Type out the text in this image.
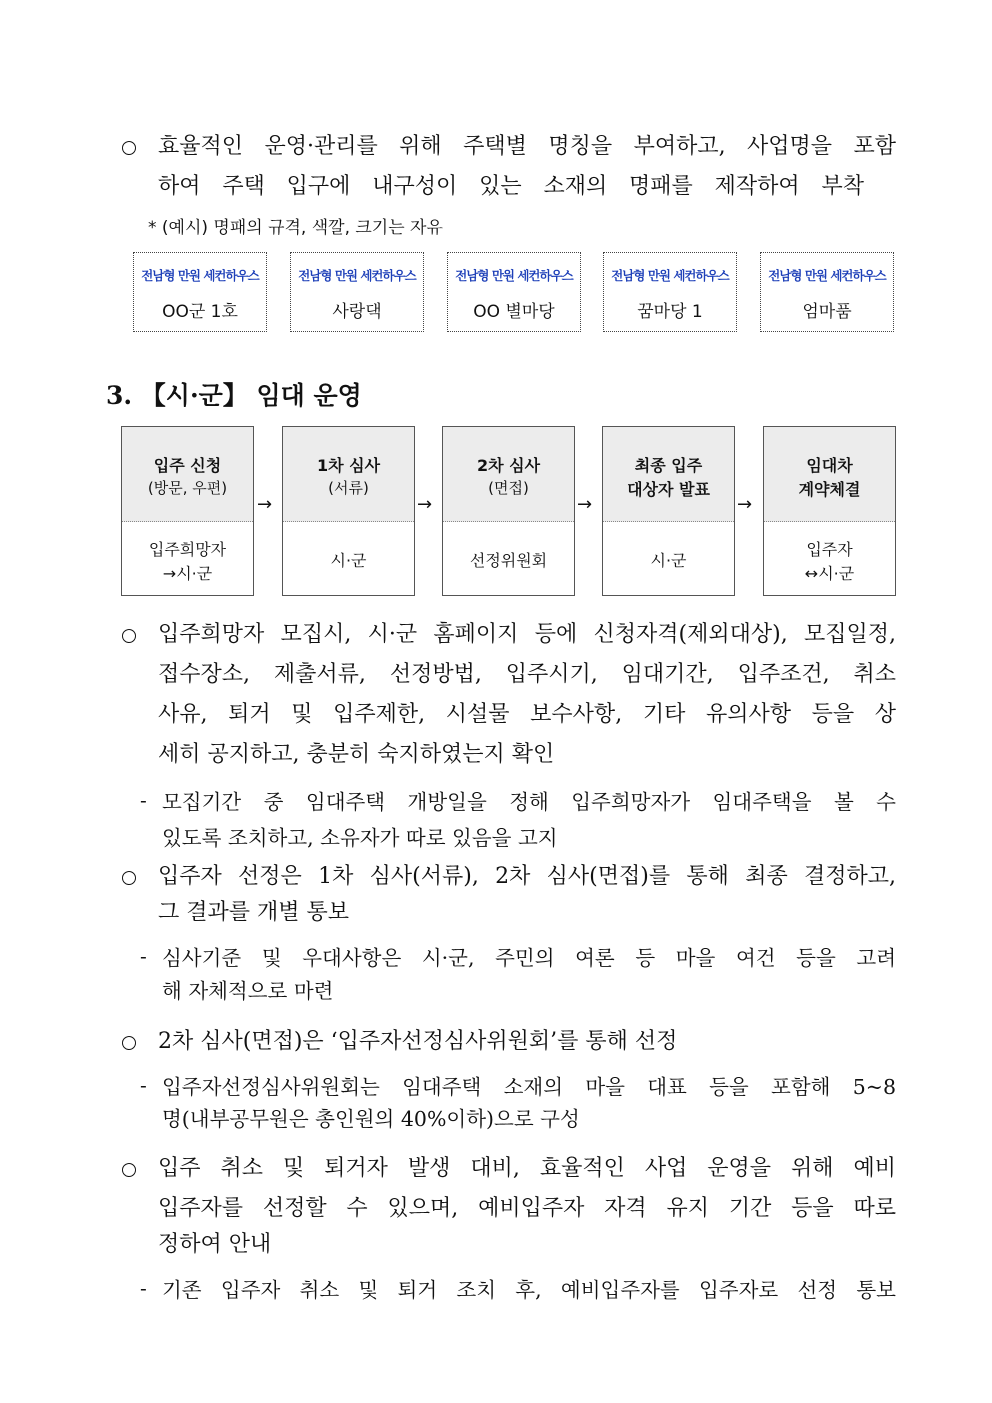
효율적인 운영·관리를 위해 주택별 명칭을 부여하고, 사업명을 포함
하여 주택 입구에 내구성이 있는 소재의 명패를 제작하여 부착
* (예시) 명패의 규격, 색깔, 크기는 자유
전남형 만원 세컨하우스
OO군 1호
전남형 만원 세컨하우스
사랑댁
전남형 만원 세컨하우스
OO 별마당
전남형 만원 세컨하우스
꿈마당 1
전남형 만원 세컨하우스
엄마품
3. 【시·군】 임대 운영
입주 신청
(방문, 우편)
입주희망자
→시·군
→
1차 심사
(서류)
시·군
→
2차 심사
(면접)
선정위원회
→
최종 입주
대상자 발표
시·군
→
임대차
계약체결
입주자
↔시·군
입주희망자 모집시, 시·군 홈페이지 등에 신청자격(제외대상), 모집일정,
접수장소, 제출서류, 선정방법, 입주시기, 임대기간, 입주조건, 취소
사유, 퇴거 및 입주제한, 시설물 보수사항, 기타 유의사항 등을 상
세히 공지하고, 충분히 숙지하였는지 확인
- 모집기간 중 임대주택 개방일을 정해 입주희망자가 임대주택을 볼 수
있도록 조치하고, 소유자가 따로 있음을 고지
입주자 선정은 1차 심사(서류), 2차 심사(면접)를 통해 최종 결정하고,
그 결과를 개별 통보
- 심사기준 및 우대사항은 시·군, 주민의 여론 등 마을 여건 등을 고려
해 자체적으로 마련
2차 심사(면접)은 ‘입주자선정심사위원회’를 통해 선정
- 입주자선정심사위원회는 임대주택 소재의 마을 대표 등을 포함해 5~8
명(내부공무원은 총인원의 40%이하)으로 구성
입주 취소 및 퇴거자 발생 대비, 효율적인 사업 운영을 위해 예비
입주자를 선정할 수 있으며, 예비입주자 자격 유지 기간 등을 따로
정하여 안내
- 기존 입주자 취소 및 퇴거 조치 후, 예비입주자를 입주자로 선정 통보
